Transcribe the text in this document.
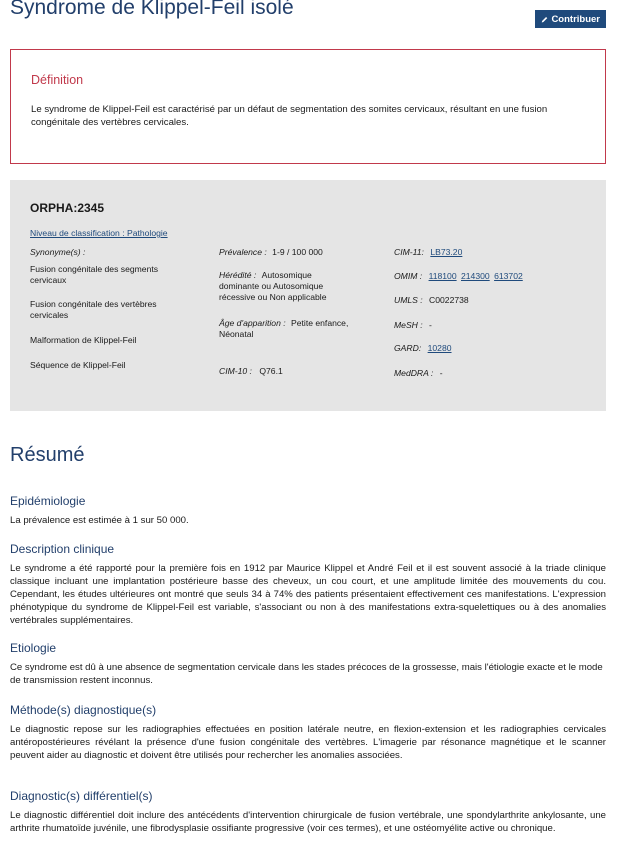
Syndrome de Klippel-Feil isolé	Contribuer
Définition

Le syndrome de Klippel-Feil est caractérisé par un défaut de segmentation des somites cervicaux, résultant en une fusion congénitale des vertèbres cervicales.

ORPHA:2345
Niveau de classification : Pathologie
Synonyme(s) :
Fusion congénitale des segments cervicaux
Fusion congénitale des vertèbres cervicales
Malformation de Klippel-Feil
Séquence de Klippel-Feil
Prévalence : 1-9 / 100 000
Hérédité : Autosomique dominante ou Autosomique récessive ou Non applicable
Âge d'apparition : Petite enfance, Néonatal
CIM-10 : Q76.1
CIM-11: LB73.20
OMIM : 118100 214300 613702
UMLS : C0022738
MeSH : -
GARD: 10280
MedDRA : -
Résumé
Epidémiologie

La prévalence est estimée à 1 sur 50 000.

Description clinique

Le syndrome a été rapporté pour la première fois en 1912 par Maurice Klippel et André Feil et il est souvent associé à la triade clinique classique incluant une implantation postérieure basse des cheveux, un cou court, et une amplitude limitée des mouvements du cou. Cependant, les études ultérieures ont montré que seuls 34 à 74% des patients présentaient effectivement ces manifestations. L'expression phénotypique du syndrome de Klippel-Feil est variable, s'associant ou non à des manifestations extra-squelettiques ou à des anomalies vertébrales supplémentaires.

Etiologie

Ce syndrome est dû à une absence de segmentation cervicale dans les stades précoces de la grossesse, mais l'étiologie exacte et le mode de transmission restent inconnus.

Méthode(s) diagnostique(s)

Le diagnostic repose sur les radiographies effectuées en position latérale neutre, en flexion-extension et les radiographies cervicales antéropostérieures révélant la présence d'une fusion congénitale des vertèbres. L'imagerie par résonance magnétique et le scanner peuvent aider au diagnostic et doivent être utilisés pour rechercher les anomalies associées.

Diagnostic(s) différentiel(s)

Le diagnostic différentiel doit inclure des antécédents d'intervention chirurgicale de fusion vertébrale, une spondylarthrite ankylosante, une arthrite rhumatoïde juvénile, une fibrodysplasie ossifiante progressive (voir ces termes), et une ostéomyélite active ou chronique.
